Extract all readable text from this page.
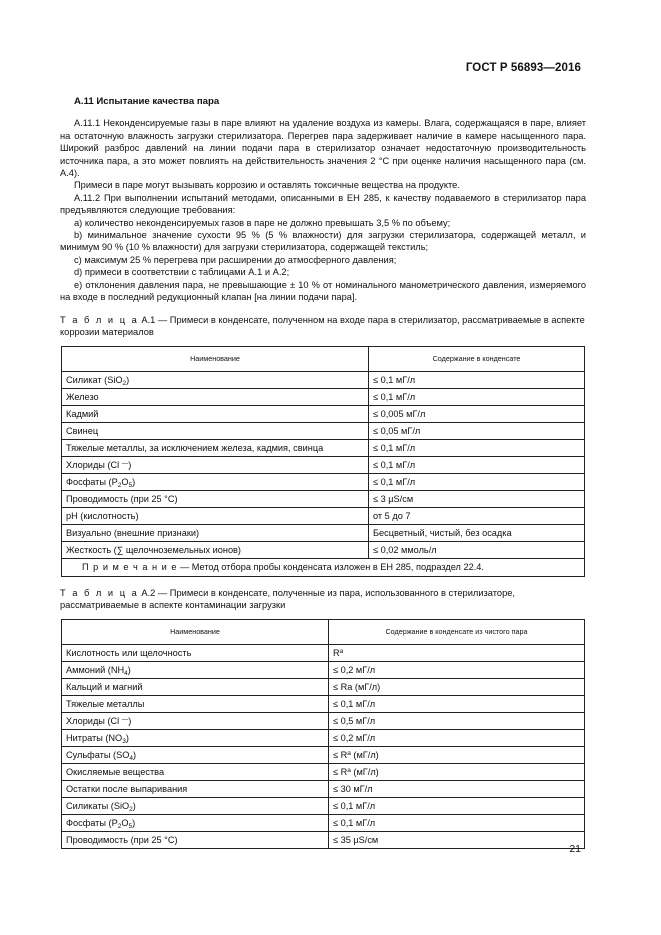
ГОСТ Р 56893—2016
А.11 Испытание качества пара

А.11.1 Неконденсируемые газы в паре влияют на удаление воздуха из камеры. Влага, содержащаяся в паре, влияет на остаточную влажность загрузки стерилизатора. Перегрев пара задерживает наличие в камере насыщенного пара. Широкий разброс давлений на линии подачи пара в стерилизатор означает недостаточную производительность источника пара, а это может повлиять на действительность значения 2 °С при оценке наличия насыщенного пара (см. А.4).

Примеси в паре могут вызывать коррозию и оставлять токсичные вещества на продукте.

А.11.2 При выполнении испытаний методами, описанными в ЕН 285, к качеству подаваемого в стерилизатор пара предъявляются следующие требования:

а) количество неконденсируемых газов в паре не должно превышать 3,5 % по объему;

b) минимальное значение сухости 95 % (5 % влажности) для загрузки стерилизатора, содержащей металл, и минимум 90 % (10 % влажности) для загрузки стерилизатора, содержащей текстиль;

с) максимум 25 % перегрева при расширении до атмосферного давления;

d) примеси в соответствии с таблицами А.1 и А.2;

е) отклонения давления пара, не превышающие ± 10 % от номинального манометрического давления, измеряемого на входе в последний редукционный клапан [на линии подачи пара].

Т а б л и ц а А.1 — Примеси в конденсате, полученном на входе пара в стерилизатор, рассматриваемые в аспекте коррозии материалов
Наименование	Содержание в конденсате
Силикат (SiO$_2$)	≤ 0,1 мГ/л
Железо	≤ 0,1 мГ/л
Кадмий	≤ 0,005 мГ/л
Свинец	≤ 0,05 мГ/л
Тяжелые металлы, за исключением железа, кадмия, свинца	≤ 0,1 мГ/л
Хлориды (Cl —)	≤ 0,1 мГ/л
Фосфаты $(P_2O_5)$	≤ 0,1 мГ/л
Проводимость (при 25 °C)	≤ 3 µS/см
pH (кислотность)	от 5 до 7
Визуально (внешние признаки)	Бесцветный, чистый, без осадка
Жесткость (∑ щелочноземельных ионов)	≤ 0,02 ммоль/л
П р и м е ч а н и е — Метод отбора пробы конденсата изложен в ЕН 285, подраздел 22.4.	
Т а б л и ц а А.2 — Примеси в конденсате, полученные из пара, использованного в стерилизаторе, рассматриваемые в аспекте контаминации загрузки
Наименование	Содержание в конденсате из чистого пара
Кислотность или щелочность	$R^a$
Аммоний $(NH_4)$	≤ 0,2 мГ/л
Кальций и магний	≤ Ra (мГ/л)
Тяжелые металлы	≤ 0,1 мГ/л
Хлориды (Cl —)	≤ 0,5 мГ/л
Нитраты $(NO_3)$	≤ 0,2 мГ/л
Сульфаты $(SO_4)$	≤ $R^a$ (мГ/л)
Окисляемые вещества	≤ $R^a$ (мГ/л)
Остатки после выпаривания	≤ 30 мГ/л
Силикаты (SiO$_2$)	≤ 0,1 мГ/л
Фосфаты $(P_2O_5)$	≤ 0,1 мГ/л
Проводимость (при 25 °C)	≤ 35 µS/см
21
